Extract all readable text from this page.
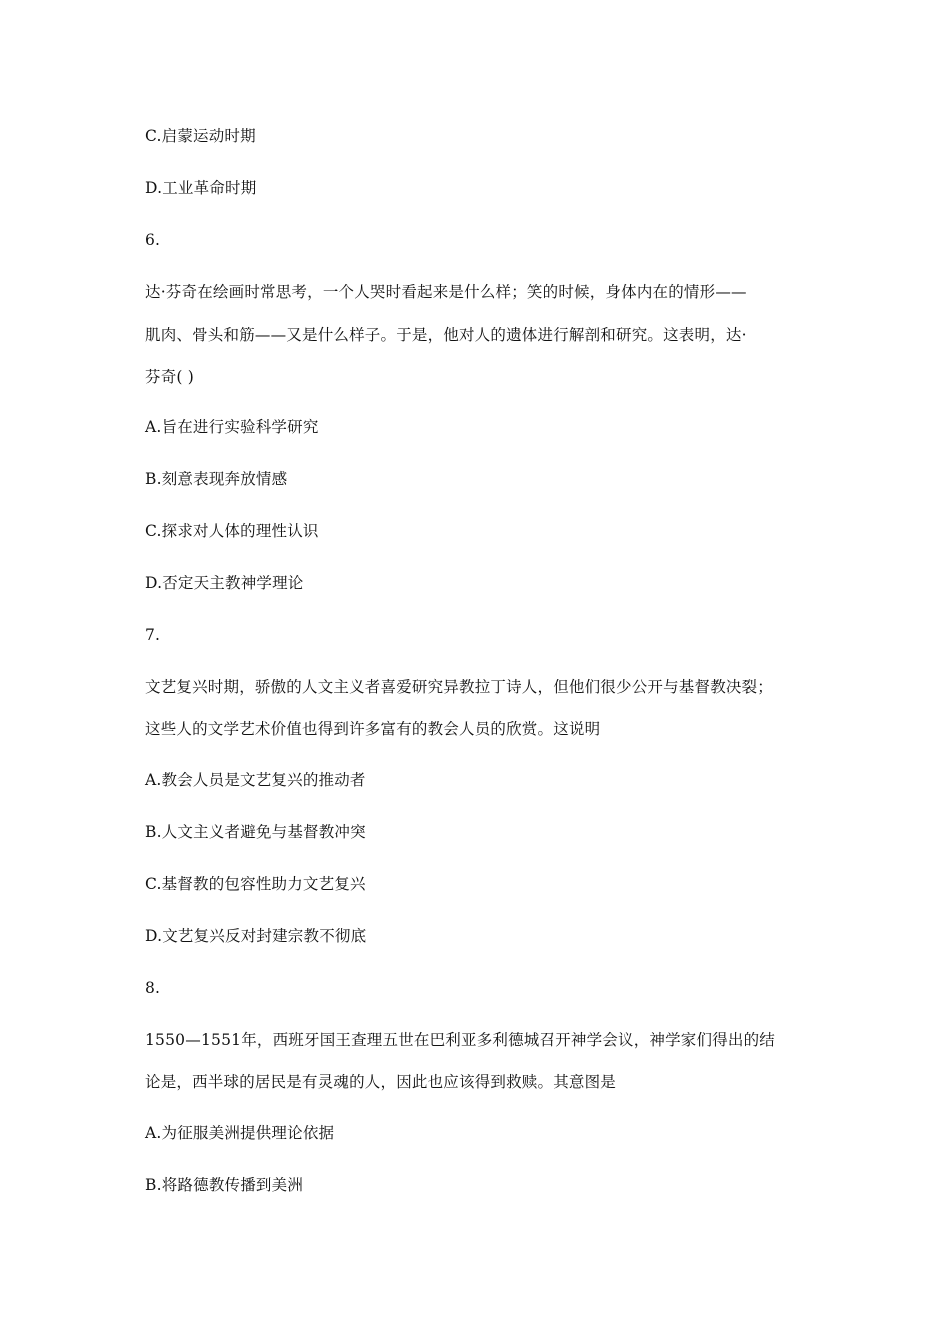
C.启蒙运动时期
D.工业革命时期
6.
达·芬奇在绘画时常思考，一个人哭时看起来是什么样；笑的时候，身体内在的情形——
肌肉、骨头和筋——又是什么样子。于是，他对人的遗体进行解剖和研究。这表明，达·
芬奇( )
A.旨在进行实验科学研究
B.刻意表现奔放情感
C.探求对人体的理性认识
D.否定天主教神学理论
7.
文艺复兴时期，骄傲的人文主义者喜爱研究异教拉丁诗人，但他们很少公开与基督教决裂；
这些人的文学艺术价值也得到许多富有的教会人员的欣赏。这说明
A.教会人员是文艺复兴的推动者
B.人文主义者避免与基督教冲突
C.基督教的包容性助力文艺复兴
D.文艺复兴反对封建宗教不彻底
8.
1550—1551年，西班牙国王查理五世在巴利亚多利德城召开神学会议，神学家们得出的结
论是，西半球的居民是有灵魂的人，因此也应该得到救赎。其意图是
A.为征服美洲提供理论依据
B.将路德教传播到美洲
